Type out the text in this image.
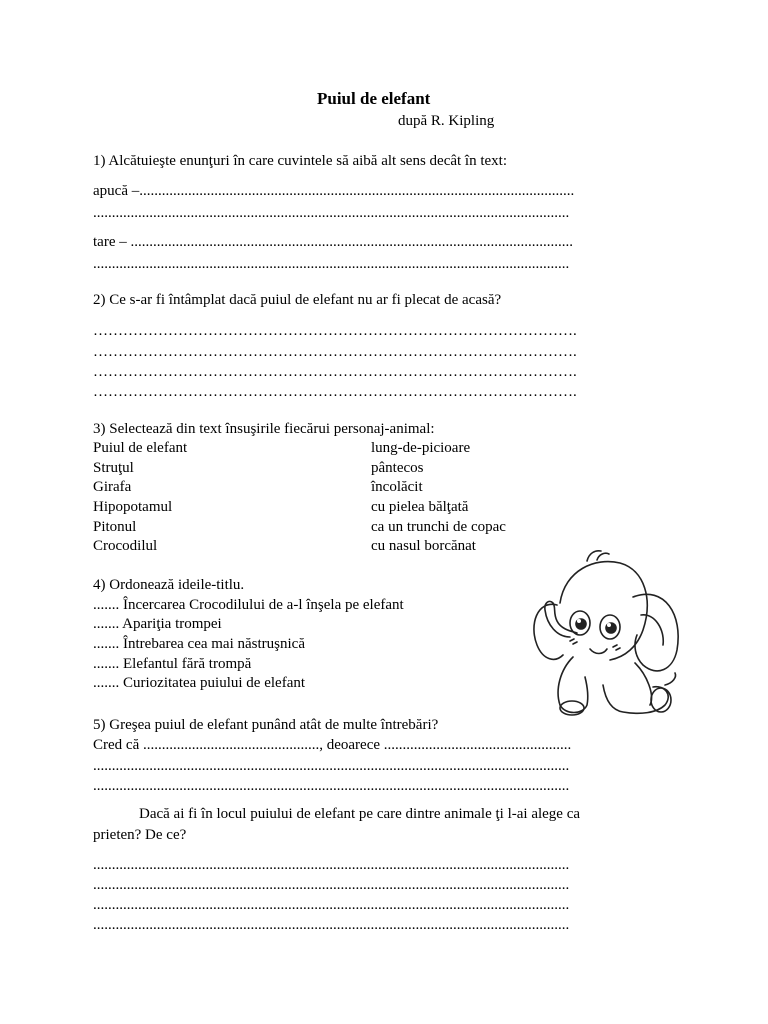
Puiul de elefant
după R. Kipling
1) Alcătuieşte enunţuri în care cuvintele să aibă alt sens decât în text:
apucă –....................................................................................................................
...............................................................................................................................
tare – ......................................................................................................................
...............................................................................................................................
2) Ce s-ar fi întâmplat dacă puiul de elefant nu ar fi plecat de acasă?
…………………………………………………………………………………….
…………………………………………………………………………………….
…………………………………………………………………………………….
…………………………………………………………………………………….
3) Selectează din text însuşirile fiecărui personaj-animal:
Puiul de elefant
Struţul
Girafa
Hipopotamul
Pitonul
Crocodilul
lung-de-picioare
pântecos
încolăcit
cu pielea bălţată
ca un trunchi de copac
cu nasul borcănat
4) Ordonează ideile-titlu.
....... Încercarea Crocodilului de a-l înşela pe elefant
....... Apariţia trompei
....... Întrebarea cea mai năstruşnică
....... Elefantul fără trompă
....... Curiozitatea puiului de elefant
5) Greşea puiul de elefant punând atât de multe întrebări?
Cred că ..............................................., deoarece ..................................................
...............................................................................................................................
...............................................................................................................................
Dacă ai fi în locul puiului de elefant pe care dintre animale ţi l-ai alege ca
prieten? De ce?
...............................................................................................................................
...............................................................................................................................
...............................................................................................................................
...............................................................................................................................
